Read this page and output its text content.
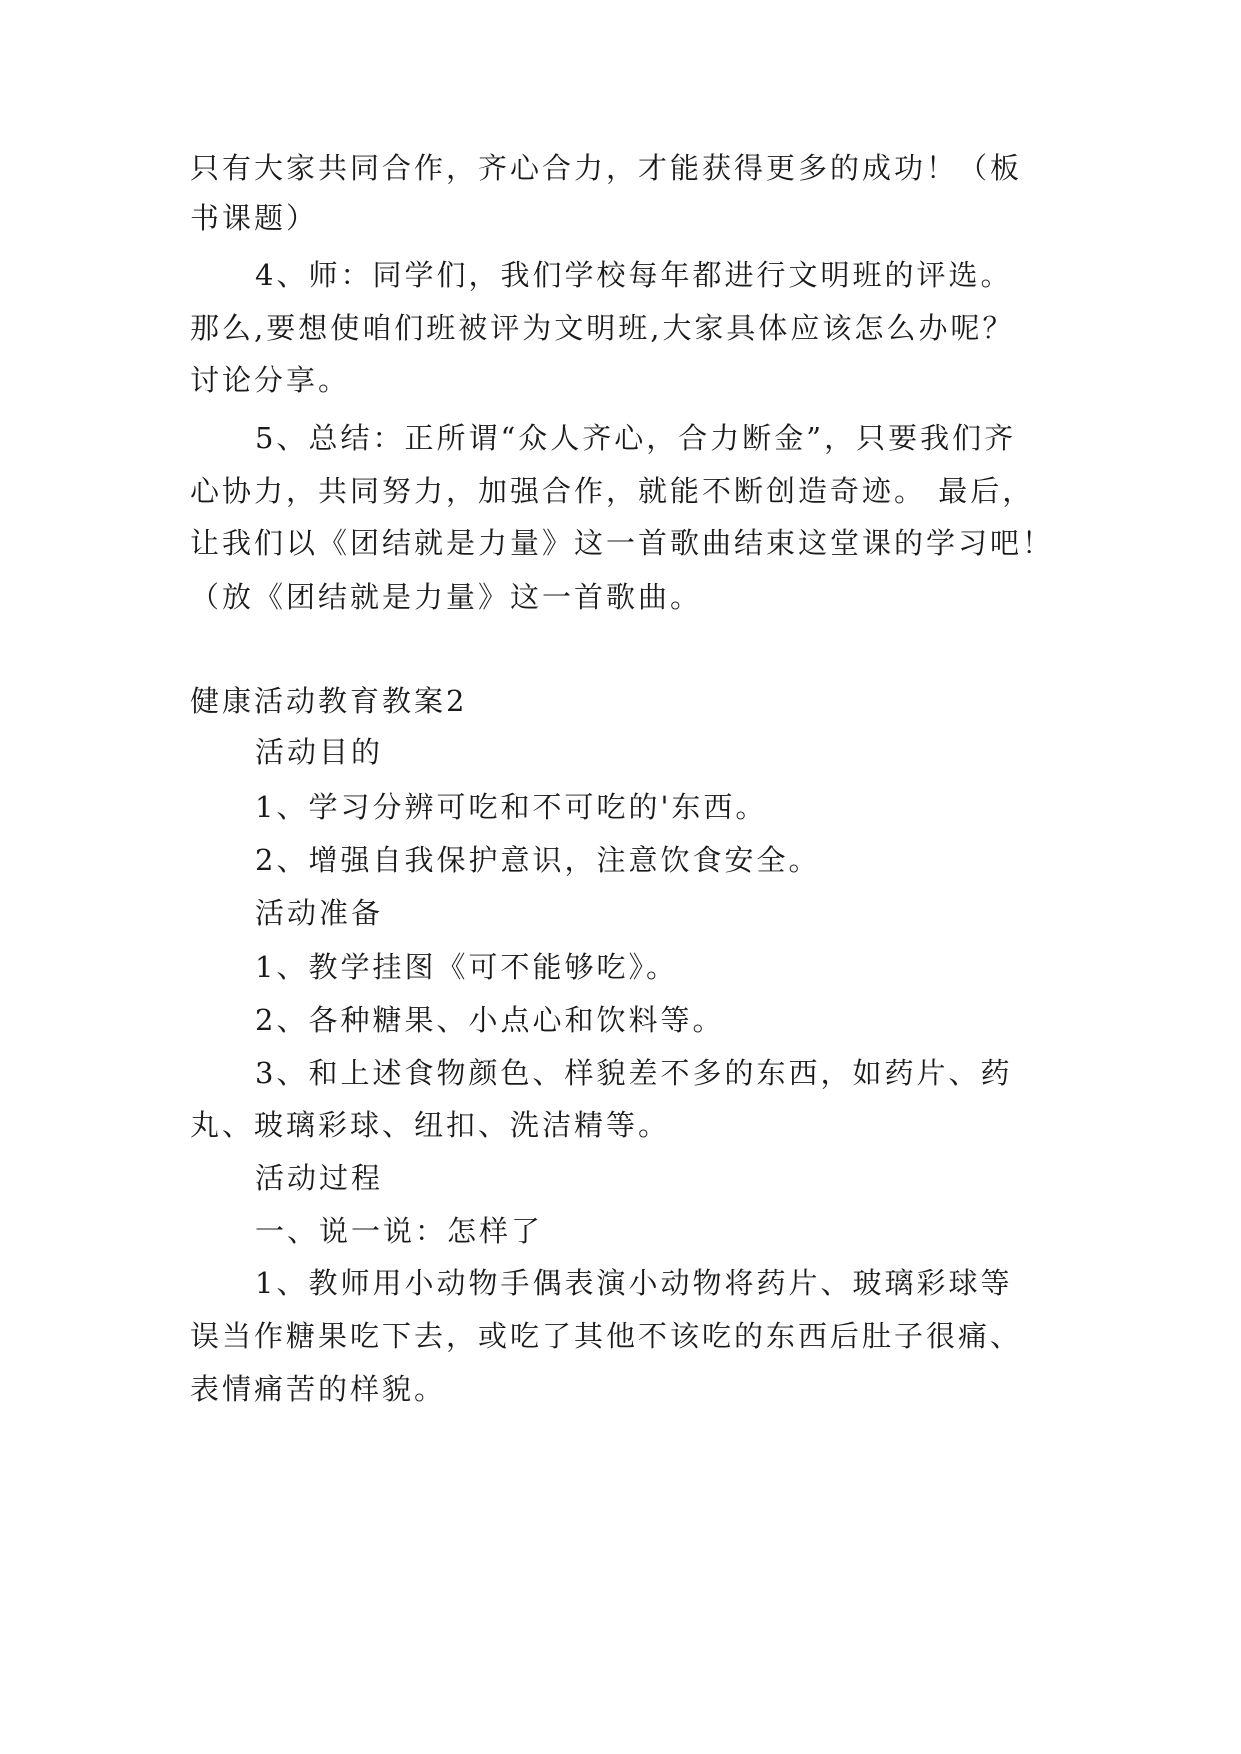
只有大家共同合作，齐心合力，才能获得更多的成功！（板
书课题）
4、师：同学们，我们学校每年都进行文明班的评选。
那么,要想使咱们班被评为文明班,大家具体应该怎么办呢？
讨论分享。
5、总结：正所谓“众人齐心，合力断金”，只要我们齐
心协力，共同努力，加强合作，就能不断创造奇迹。 最后，
让我们以《团结就是力量》这一首歌曲结束这堂课的学习吧！
（放《团结就是力量》这一首歌曲。
健康活动教育教案2
活动目的
1、学习分辨可吃和不可吃的'东西。
2、增强自我保护意识，注意饮食安全。
活动准备
1、教学挂图《可不能够吃》。
2、各种糖果、小点心和饮料等。
3、和上述食物颜色、样貌差不多的东西，如药片、药
丸、玻璃彩球、纽扣、洗洁精等。
活动过程
一、说一说：怎样了
1、教师用小动物手偶表演小动物将药片、玻璃彩球等
误当作糖果吃下去，或吃了其他不该吃的东西后肚子很痛、
表情痛苦的样貌。
